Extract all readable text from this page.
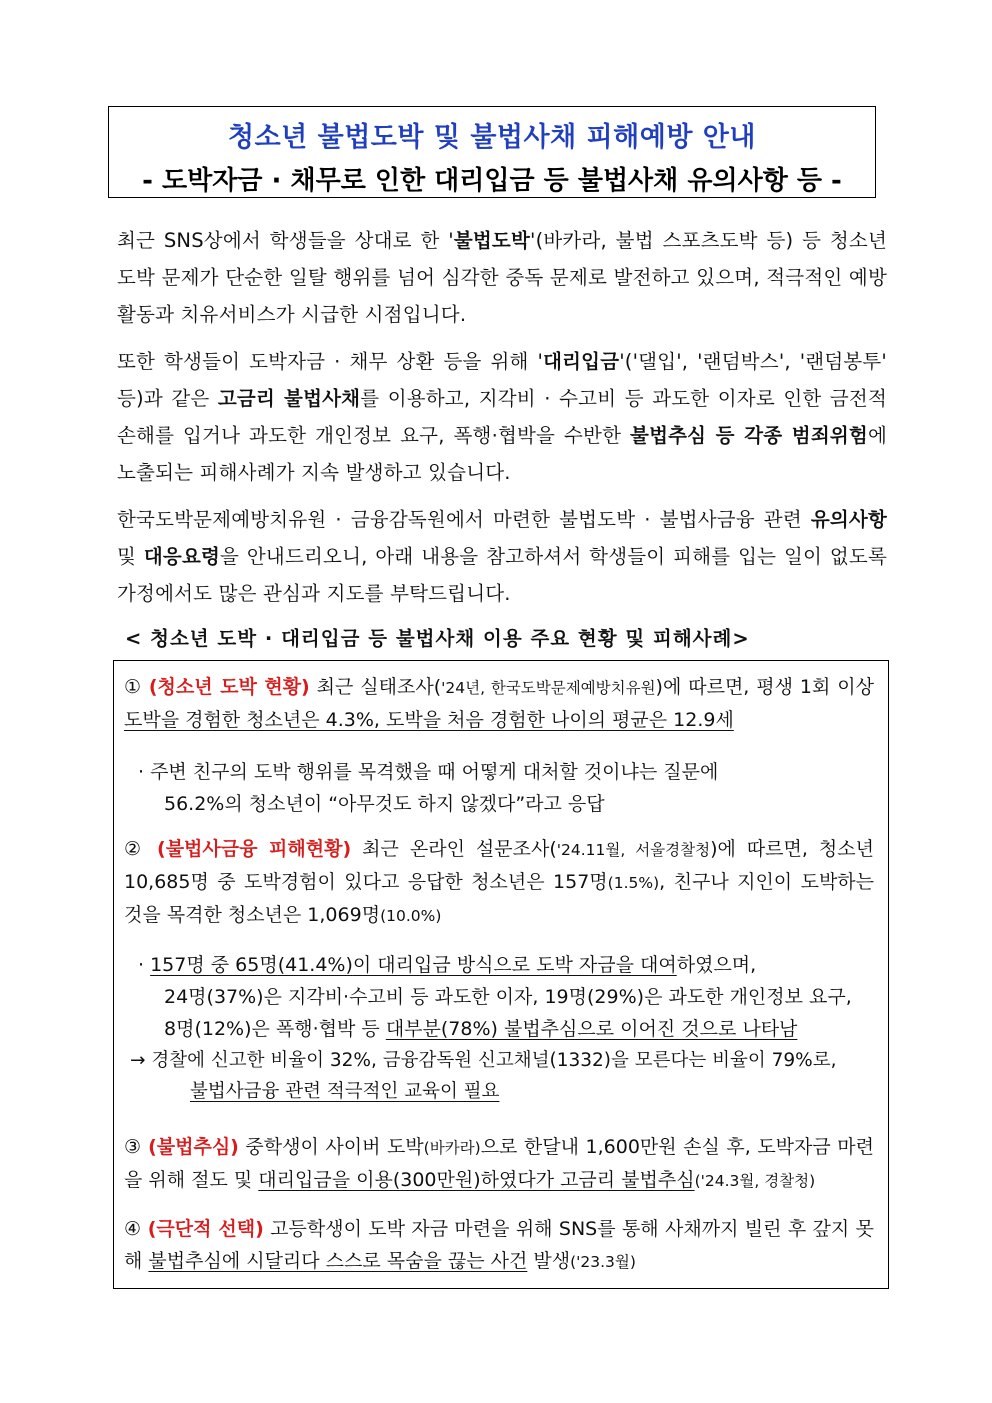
청소년 불법도박 및 불법사채 피해예방 안내
- 도박자금 · 채무로 인한 대리입금 등 불법사채 유의사항 등 -
최근 SNS상에서 학생들을 상대로 한 '불법도박'(바카라, 불법 스포츠도박 등) 등 청소년 도박 문제가 단순한 일탈 행위를 넘어 심각한 중독 문제로 발전하고 있으며, 적극적인 예방활동과 치유서비스가 시급한 시점입니다.
또한 학생들이 도박자금 · 채무 상환 등을 위해 '대리입금'('댈입', '랜덤박스', '랜덤봉투' 등)과 같은 고금리 불법사채를 이용하고, 지각비 · 수고비 등 과도한 이자로 인한 금전적 손해를 입거나 과도한 개인정보 요구, 폭행·협박을 수반한 불법추심 등 각종 범죄위험에 노출되는 피해사례가 지속 발생하고 있습니다.
한국도박문제예방치유원 · 금융감독원에서 마련한 불법도박 · 불법사금융 관련 유의사항 및 대응요령을 안내드리오니, 아래 내용을 참고하셔서 학생들이 피해를 입는 일이 없도록 가정에서도 많은 관심과 지도를 부탁드립니다.
< 청소년 도박 · 대리입금 등 불법사채 이용 주요 현황 및 피해사례>
① (청소년 도박 현황) 최근 실태조사('24년, 한국도박문제예방치유원)에 따르면, 평생 1회 이상 도박을 경험한 청소년은 4.3%, 도박을 처음 경험한 나이의 평균은 12.9세
· 주변 친구의 도박 행위를 목격했을 때 어떻게 대처할 것이냐는 질문에
56.2%의 청소년이 “아무것도 하지 않겠다”라고 응답
② (불법사금융 피해현황) 최근 온라인 설문조사('24.11월, 서울경찰청)에 따르면, 청소년 10,685명 중 도박경험이 있다고 응답한 청소년은 157명(1.5%), 친구나 지인이 도박하는 것을 목격한 청소년은 1,069명(10.0%)
· 157명 중 65명(41.4%)이 대리입금 방식으로 도박 자금을 대여하였으며,
24명(37%)은 지각비·수고비 등 과도한 이자, 19명(29%)은 과도한 개인정보 요구,
8명(12%)은 폭행·협박 등 대부분(78%) 불법추심으로 이어진 것으로 나타남
→ 경찰에 신고한 비율이 32%, 금융감독원 신고채널(1332)을 모른다는 비율이 79%로,
불법사금융 관련 적극적인 교육이 필요
③ (불법추심) 중학생이 사이버 도박(바카라)으로 한달내 1,600만원 손실 후, 도박자금 마련을 위해 절도 및 대리입금을 이용(300만원)하였다가 고금리 불법추심('24.3월, 경찰청)
④ (극단적 선택) 고등학생이 도박 자금 마련을 위해 SNS를 통해 사채까지 빌린 후 갚지 못해 불법추심에 시달리다 스스로 목숨을 끊는 사건 발생('23.3월)
